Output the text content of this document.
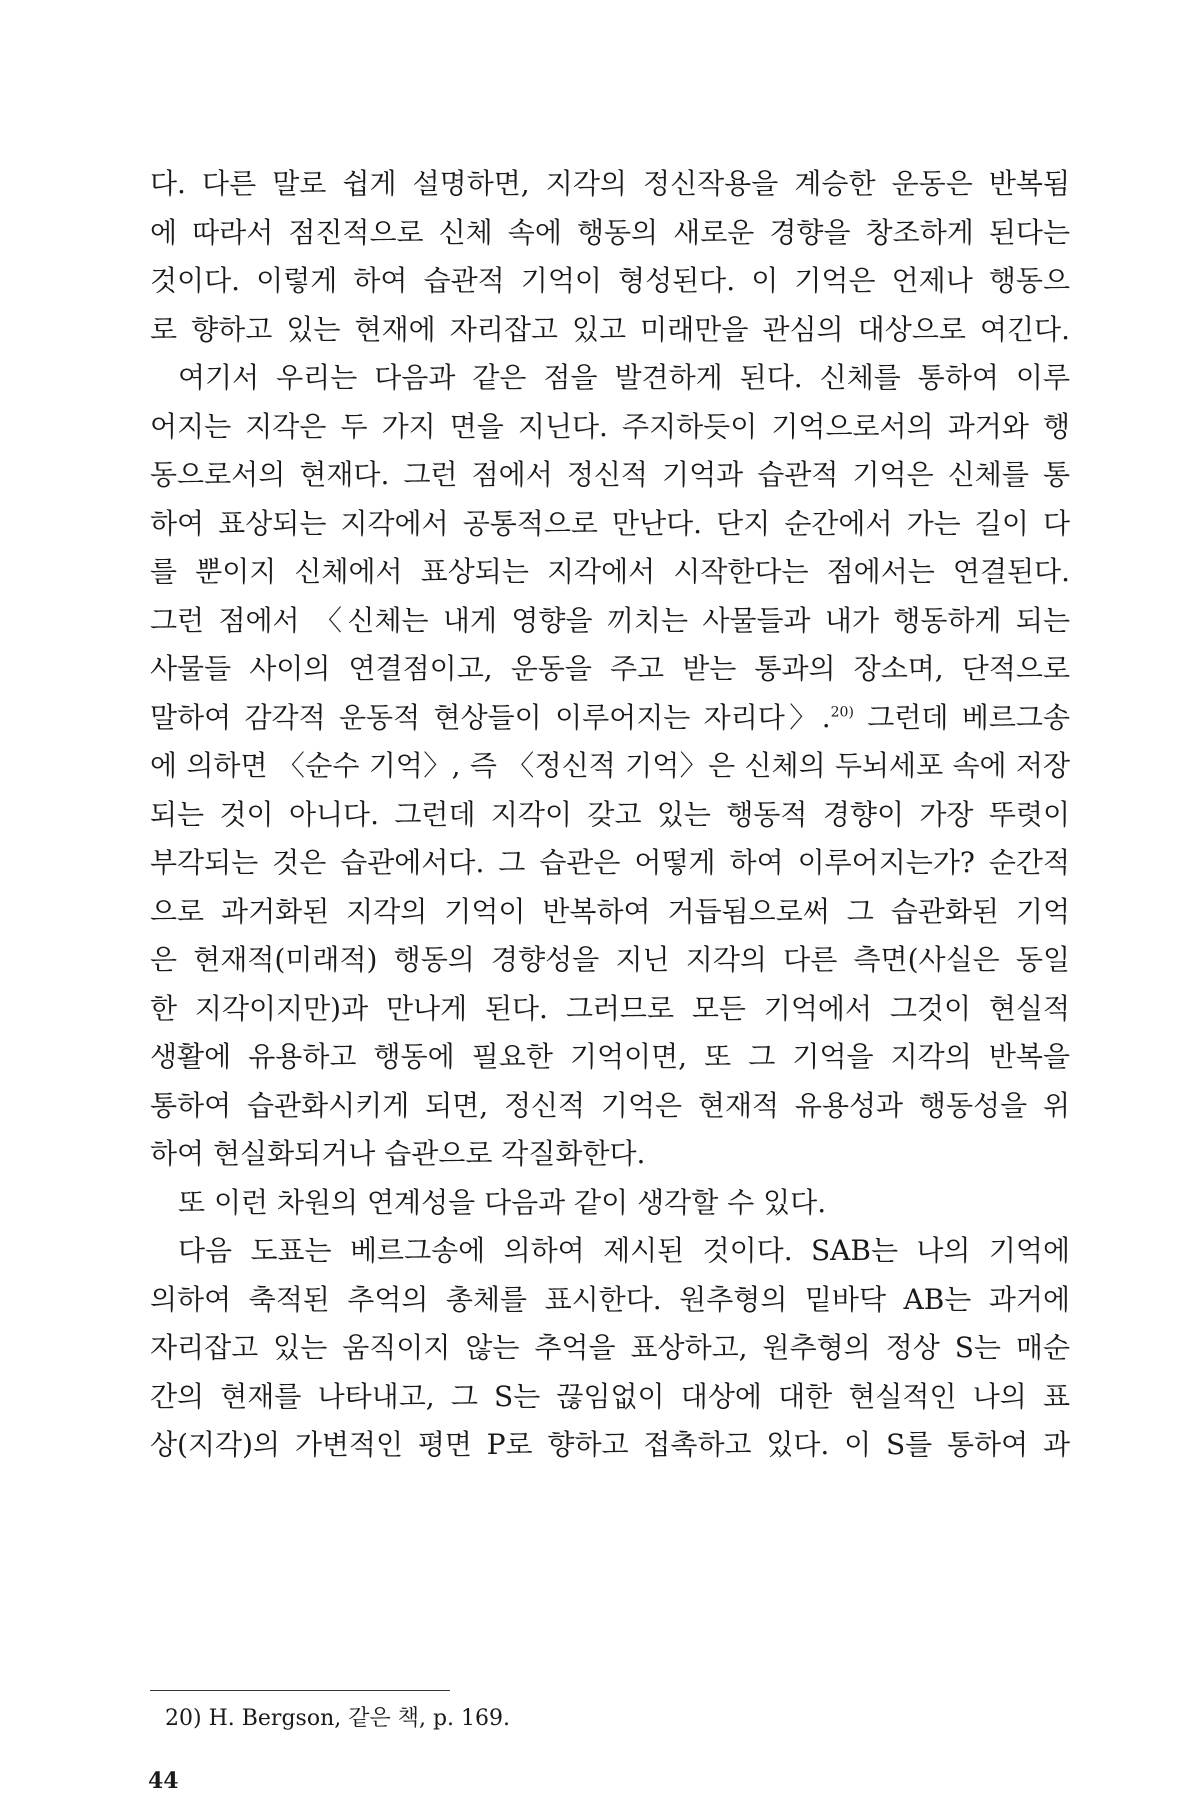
다. 다른 말로 쉽게 설명하면, 지각의 정신작용을 계승한 운동은 반복됨
에 따라서 점진적으로 신체 속에 행동의 새로운 경향을 창조하게 된다는
것이다. 이렇게 하여 습관적 기억이 형성된다. 이 기억은 언제나 행동으
로 향하고 있는 현재에 자리잡고 있고 미래만을 관심의 대상으로 여긴다.
여기서 우리는 다음과 같은 점을 발견하게 된다. 신체를 통하여 이루
어지는 지각은 두 가지 면을 지닌다. 주지하듯이 기억으로서의 과거와 행
동으로서의 현재다. 그런 점에서 정신적 기억과 습관적 기억은 신체를 통
하여 표상되는 지각에서 공통적으로 만난다. 단지 순간에서 가는 길이 다
를 뿐이지 신체에서 표상되는 지각에서 시작한다는 점에서는 연결된다.
그런 점에서 〈신체는 내게 영향을 끼치는 사물들과 내가 행동하게 되는
사물들 사이의 연결점이고, 운동을 주고 받는 통과의 장소며, 단적으로
말하여 감각적 운동적 현상들이 이루어지는 자리다〉.$^{20)}$ 그런데 베르그송
에 의하면 〈순수 기억〉, 즉 〈정신적 기억〉은 신체의 두뇌세포 속에 저장
되는 것이 아니다. 그런데 지각이 갖고 있는 행동적 경향이 가장 뚜렷이
부각되는 것은 습관에서다. 그 습관은 어떻게 하여 이루어지는가? 순간적
으로 과거화된 지각의 기억이 반복하여 거듭됨으로써 그 습관화된 기억
은 현재적(미래적) 행동의 경향성을 지닌 지각의 다른 측면(사실은 동일
한 지각이지만)과 만나게 된다. 그러므로 모든 기억에서 그것이 현실적
생활에 유용하고 행동에 필요한 기억이면, 또 그 기억을 지각의 반복을
통하여 습관화시키게 되면, 정신적 기억은 현재적 유용성과 행동성을 위
하여 현실화되거나 습관으로 각질화한다.
또 이런 차원의 연계성을 다음과 같이 생각할 수 있다.
다음 도표는 베르그송에 의하여 제시된 것이다. SAB는 나의 기억에
의하여 축적된 추억의 총체를 표시한다. 원추형의 밑바닥 AB는 과거에
자리잡고 있는 움직이지 않는 추억을 표상하고, 원추형의 정상 S는 매순
간의 현재를 나타내고, 그 S는 끊임없이 대상에 대한 현실적인 나의 표
상(지각)의 가변적인 평면 P로 향하고 접촉하고 있다. 이 S를 통하여 과
20) H. Bergson, 같은 책, p. 169.
44
